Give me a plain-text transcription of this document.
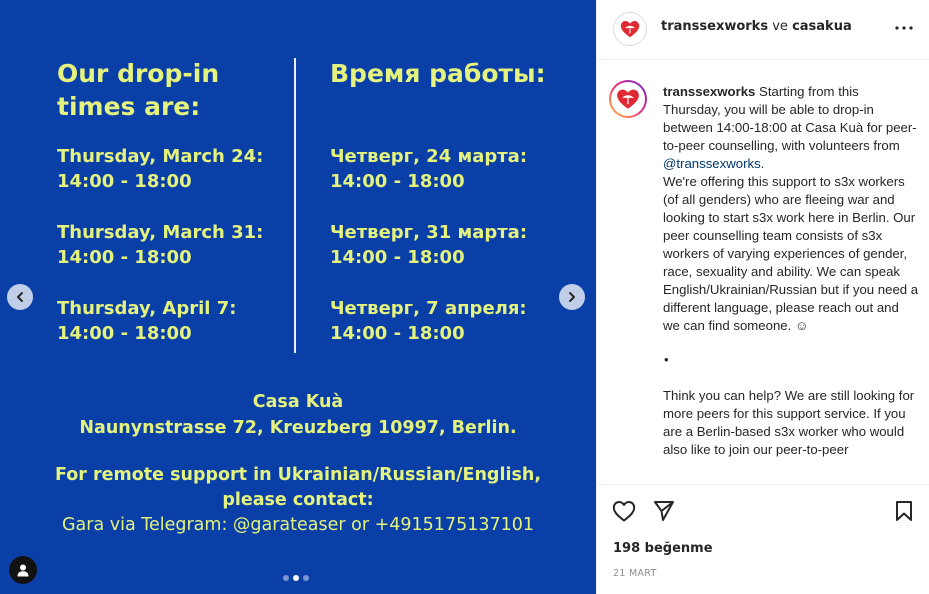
Our drop-in
times are:
Thursday, March 24:
14:00 - 18:00
Thursday, March 31:
14:00 - 18:00
Thursday, April 7:
14:00 - 18:00
Время работы:
Четверг, 24 марта:
14:00 - 18:00
Четверг, 31 марта:
14:00 - 18:00
Четверг, 7 апреля:
14:00 - 18:00
Casa Kuà
Naunynstrasse 72, Kreuzberg 10997, Berlin.
For remote support in Ukrainian/Russian/English,
please contact:
Gara via Telegram: @garateaser or +4915175137101
transsexworks ve casakua
transsexworks Starting from this Thursday, you will be able to drop-in between 14:00-18:00 at Casa Kuà for peer-to-peer counselling, with volunteers from @transsexworks.
We're offering this support to s3x workers (of all genders) who are fleeing war and looking to start s3x work here in Berlin. Our peer counselling team consists of s3x workers of varying experiences of gender, race, sexuality and ability. We can speak English/Ukrainian/Russian but if you need a different language, please reach out and we can find someone. ☺
•
Think you can help? We are still looking for more peers for this support service. If you are a Berlin-based s3x worker who would also like to join our peer-to-peer
198 beğenme
21 MART
